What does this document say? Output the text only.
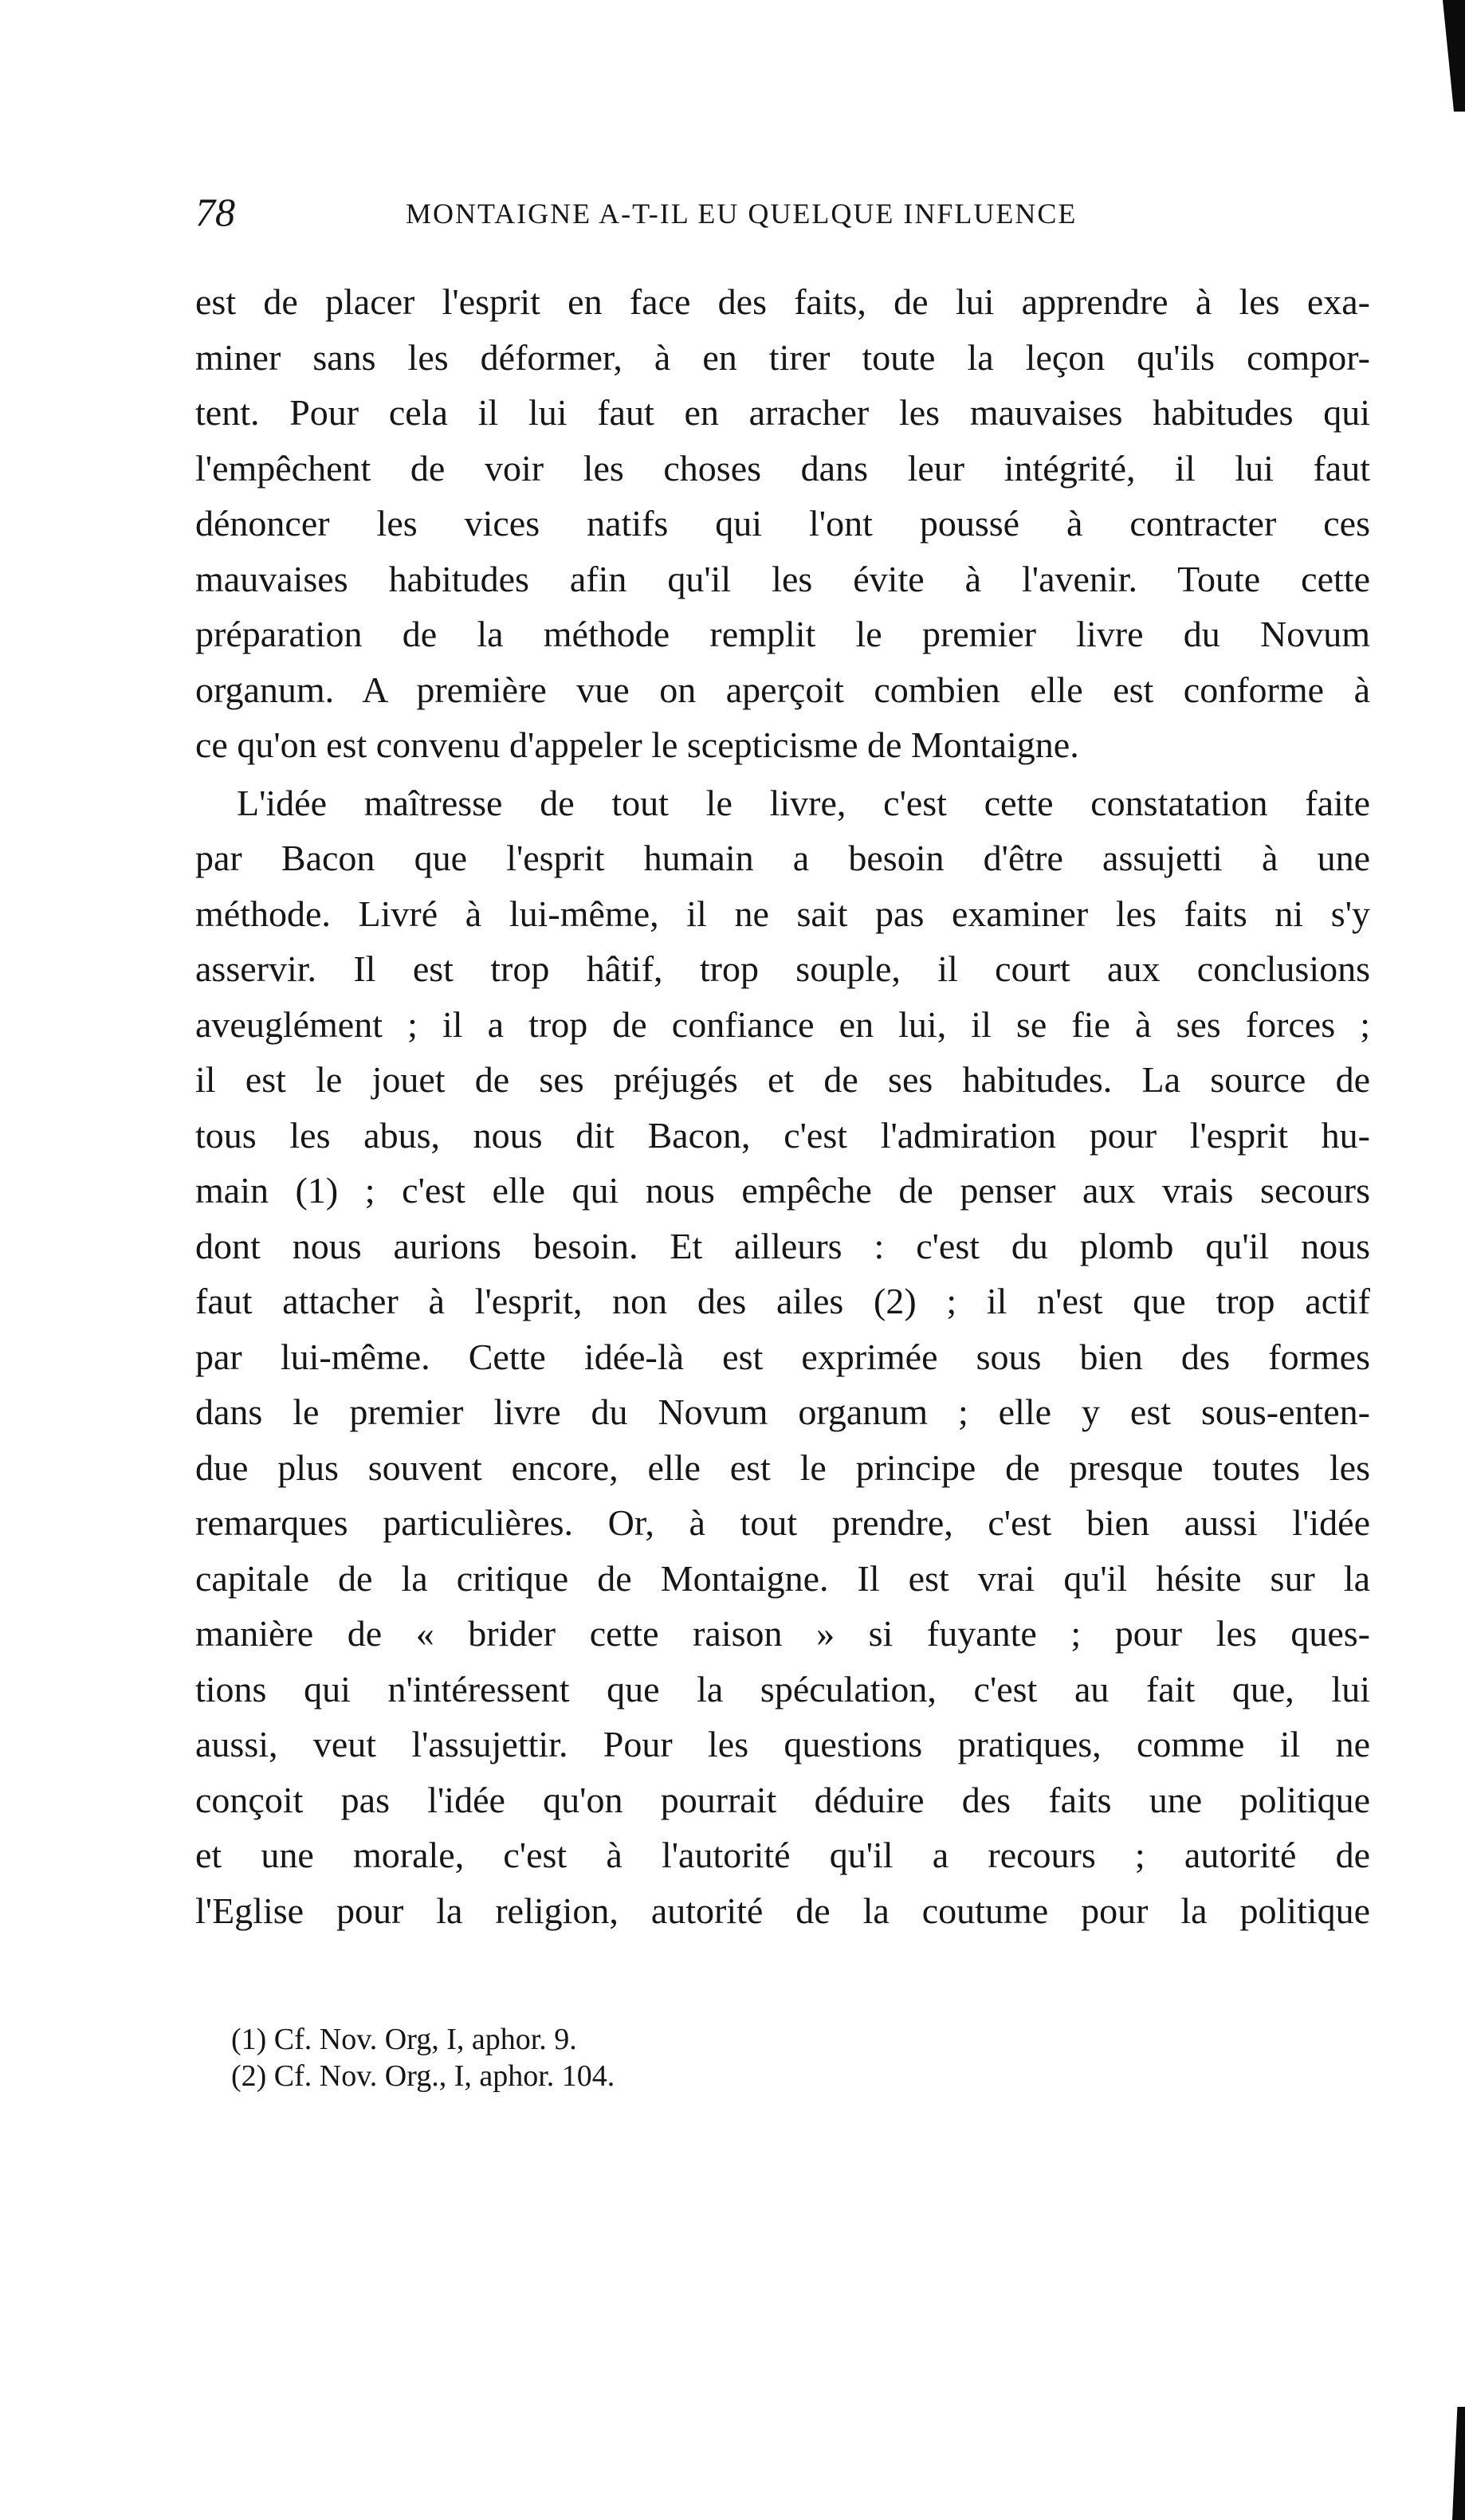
78	MONTAIGNE A-T-IL EU QUELQUE INFLUENCE
est de placer l'esprit en face des faits, de lui apprendre à les exa-
miner sans les déformer, à en tirer toute la leçon qu'ils compor-
tent. Pour cela il lui faut en arracher les mauvaises habitudes qui
l'empêchent de voir les choses dans leur intégrité, il lui faut
dénoncer les vices natifs qui l'ont poussé à contracter ces
mauvaises habitudes afin qu'il les évite à l'avenir. Toute cette
préparation de la méthode remplit le premier livre du Novum
organum. A première vue on aperçoit combien elle est conforme à
ce qu'on est convenu d'appeler le scepticisme de Montaigne.
L'idée maîtresse de tout le livre, c'est cette constatation faite
par Bacon que l'esprit humain a besoin d'être assujetti à une
méthode. Livré à lui-même, il ne sait pas examiner les faits ni s'y
asservir. Il est trop hâtif, trop souple, il court aux conclusions
aveuglément ; il a trop de confiance en lui, il se fie à ses forces ;
il est le jouet de ses préjugés et de ses habitudes. La source de
tous les abus, nous dit Bacon, c'est l'admiration pour l'esprit hu-
main (1) ; c'est elle qui nous empêche de penser aux vrais secours
dont nous aurions besoin. Et ailleurs : c'est du plomb qu'il nous
faut attacher à l'esprit, non des ailes (2) ; il n'est que trop actif
par lui-même. Cette idée-là est exprimée sous bien des formes
dans le premier livre du Novum organum ; elle y est sous-enten-
due plus souvent encore, elle est le principe de presque toutes les
remarques particulières. Or, à tout prendre, c'est bien aussi l'idée
capitale de la critique de Montaigne. Il est vrai qu'il hésite sur la
manière de « brider cette raison » si fuyante ; pour les ques-
tions qui n'intéressent que la spéculation, c'est au fait que, lui
aussi, veut l'assujettir. Pour les questions pratiques, comme il ne
conçoit pas l'idée qu'on pourrait déduire des faits une politique
et une morale, c'est à l'autorité qu'il a recours ; autorité de
l'Eglise pour la religion, autorité de la coutume pour la politique
(1) Cf. Nov. Org, I, aphor. 9.
(2) Cf. Nov. Org., I, aphor. 104.
